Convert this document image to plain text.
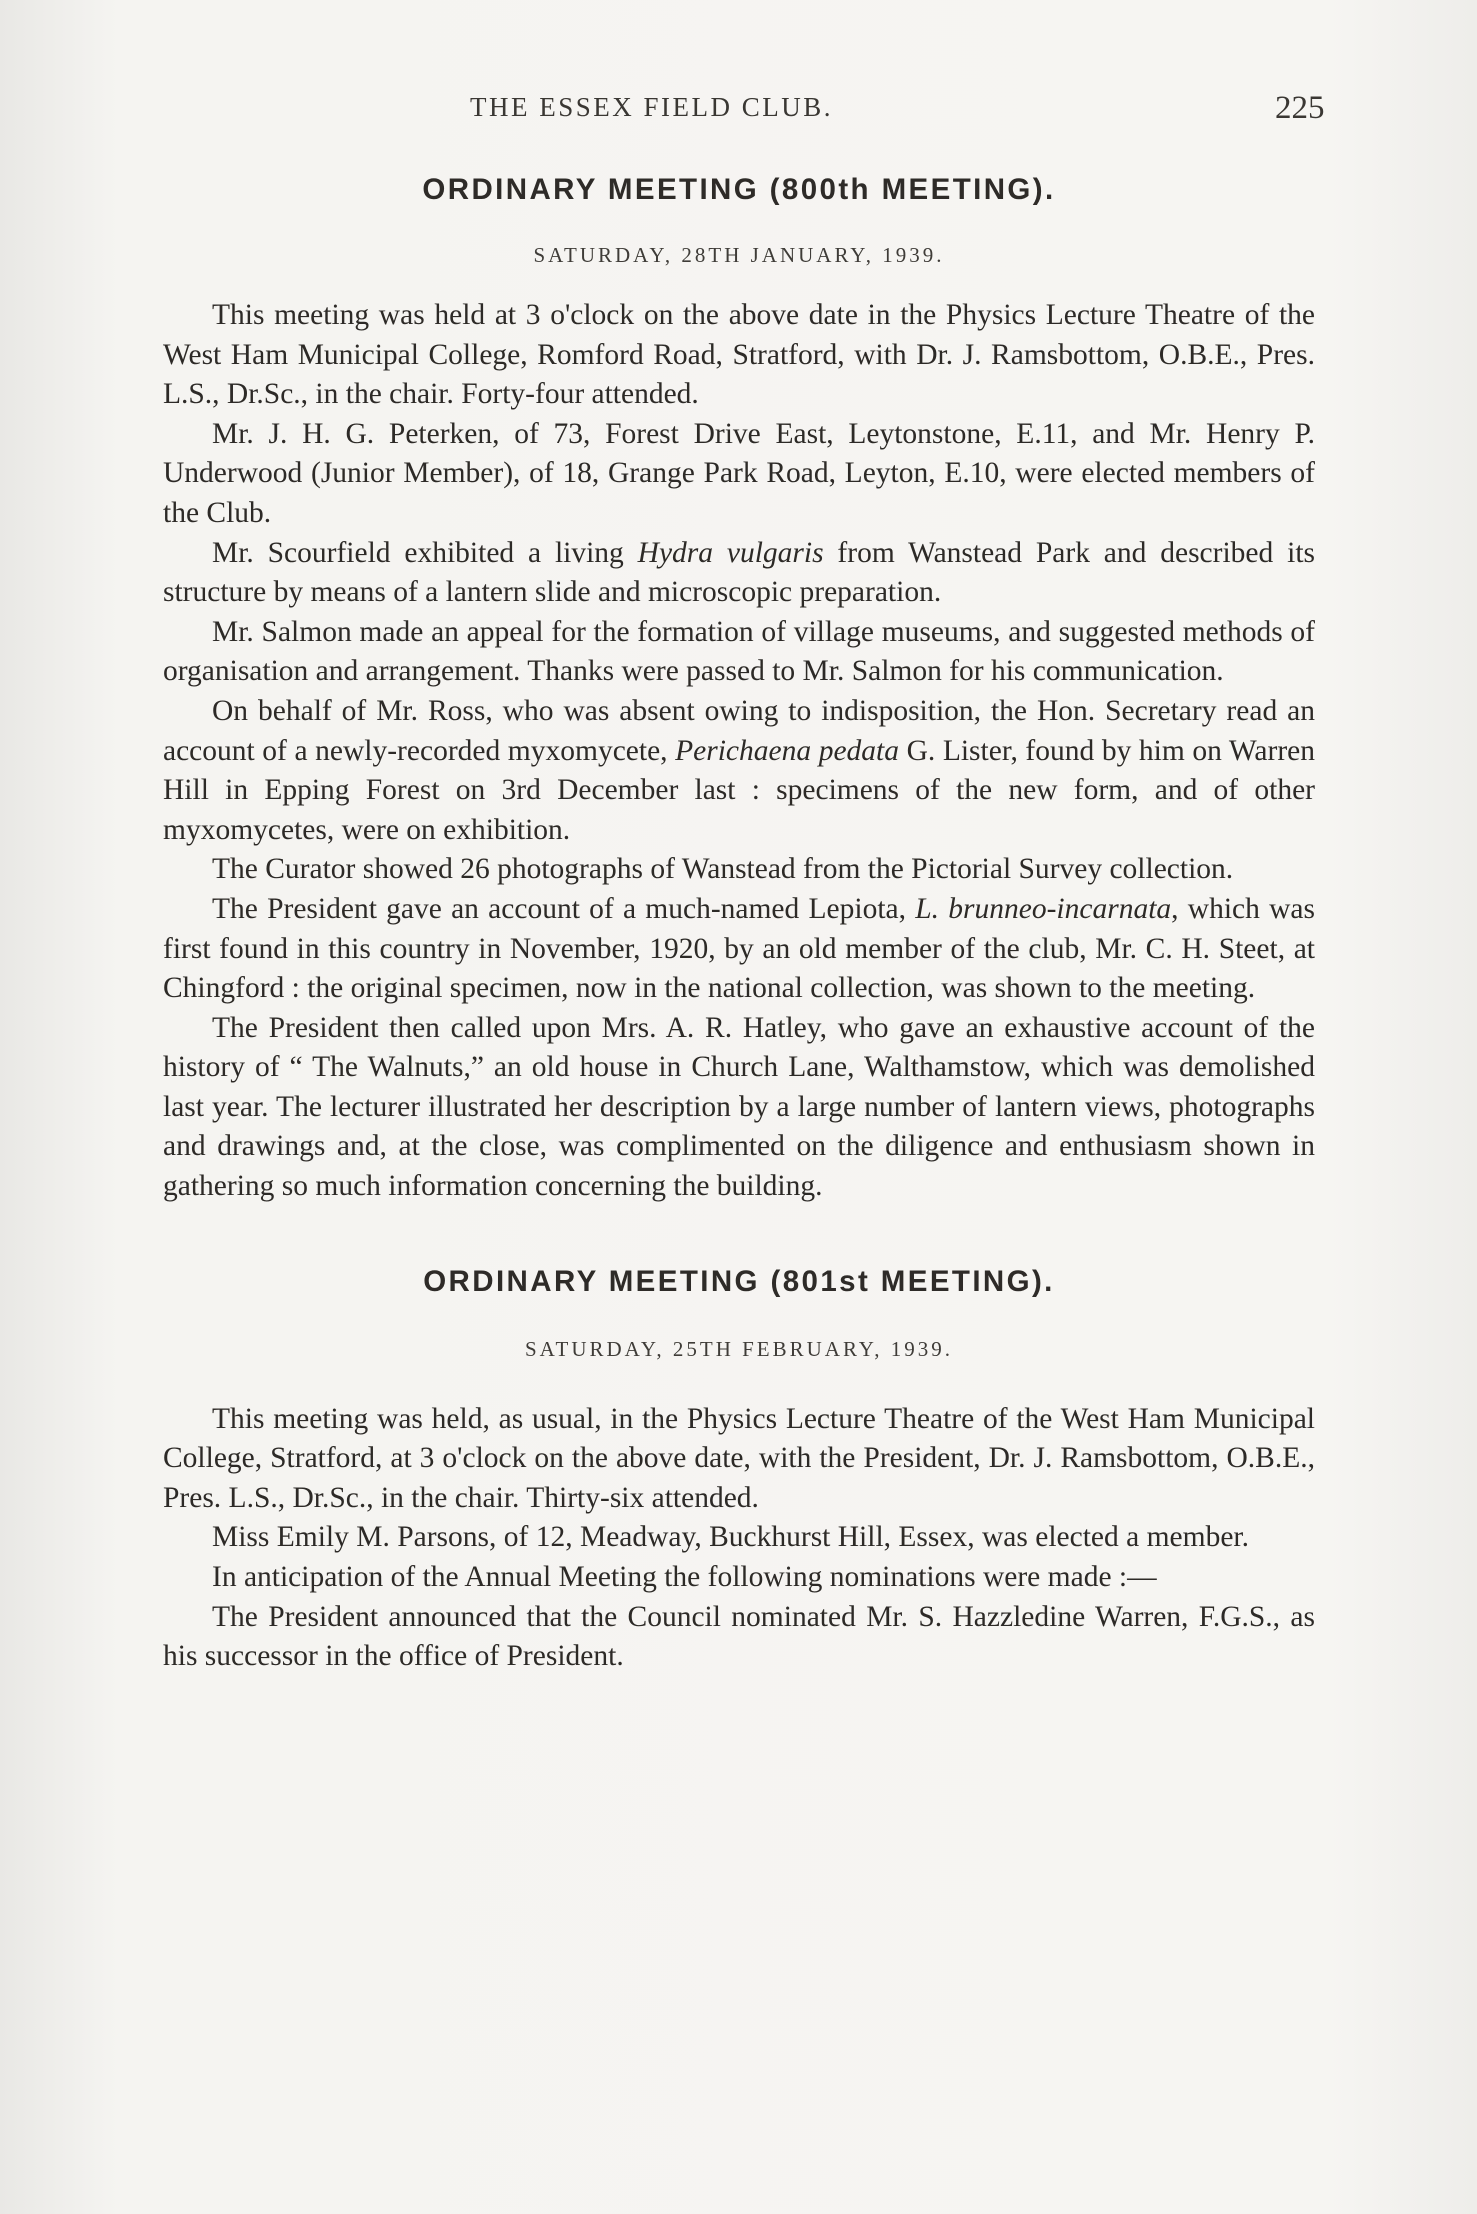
THE ESSEX FIELD CLUB.	225
ORDINARY MEETING (800th MEETING).

SATURDAY, 28TH JANUARY, 1939.

This meeting was held at 3 o'clock on the above date in the Physics Lecture Theatre of the West Ham Municipal College, Romford Road, Stratford, with Dr. J. Ramsbottom, O.B.E., Pres. L.S., Dr.Sc., in the chair. Forty-four attended.

Mr. J. H. G. Peterken, of 73, Forest Drive East, Leytonstone, E.11, and Mr. Henry P. Underwood (Junior Member), of 18, Grange Park Road, Leyton, E.10, were elected members of the Club.

Mr. Scourfield exhibited a living Hydra vulgaris from Wanstead Park and described its structure by means of a lantern slide and microscopic preparation.

Mr. Salmon made an appeal for the formation of village museums, and suggested methods of organisation and arrangement. Thanks were passed to Mr. Salmon for his communication.

On behalf of Mr. Ross, who was absent owing to indisposition, the Hon. Secretary read an account of a newly-recorded myxomycete, Perichaena pedata G. Lister, found by him on Warren Hill in Epping Forest on 3rd December last : specimens of the new form, and of other myxomycetes, were on exhibition.

The Curator showed 26 photographs of Wanstead from the Pictorial Survey collection.

The President gave an account of a much-named Lepiota, L. brunneo-incarnata, which was first found in this country in November, 1920, by an old member of the club, Mr. C. H. Steet, at Chingford : the original specimen, now in the national collection, was shown to the meeting.

The President then called upon Mrs. A. R. Hatley, who gave an exhaustive account of the history of “ The Walnuts,” an old house in Church Lane, Walthamstow, which was demolished last year. The lecturer illustrated her description by a large number of lantern views, photographs and drawings and, at the close, was complimented on the diligence and enthusiasm shown in gathering so much information concerning the building.

ORDINARY MEETING (801st MEETING).

SATURDAY, 25TH FEBRUARY, 1939.

This meeting was held, as usual, in the Physics Lecture Theatre of the West Ham Municipal College, Stratford, at 3 o'clock on the above date, with the President, Dr. J. Ramsbottom, O.B.E., Pres. L.S., Dr.Sc., in the chair. Thirty-six attended.

Miss Emily M. Parsons, of 12, Meadway, Buckhurst Hill, Essex, was elected a member.

In anticipation of the Annual Meeting the following nominations were made :—

The President announced that the Council nominated Mr. S. Hazzledine Warren, F.G.S., as his successor in the office of President.
